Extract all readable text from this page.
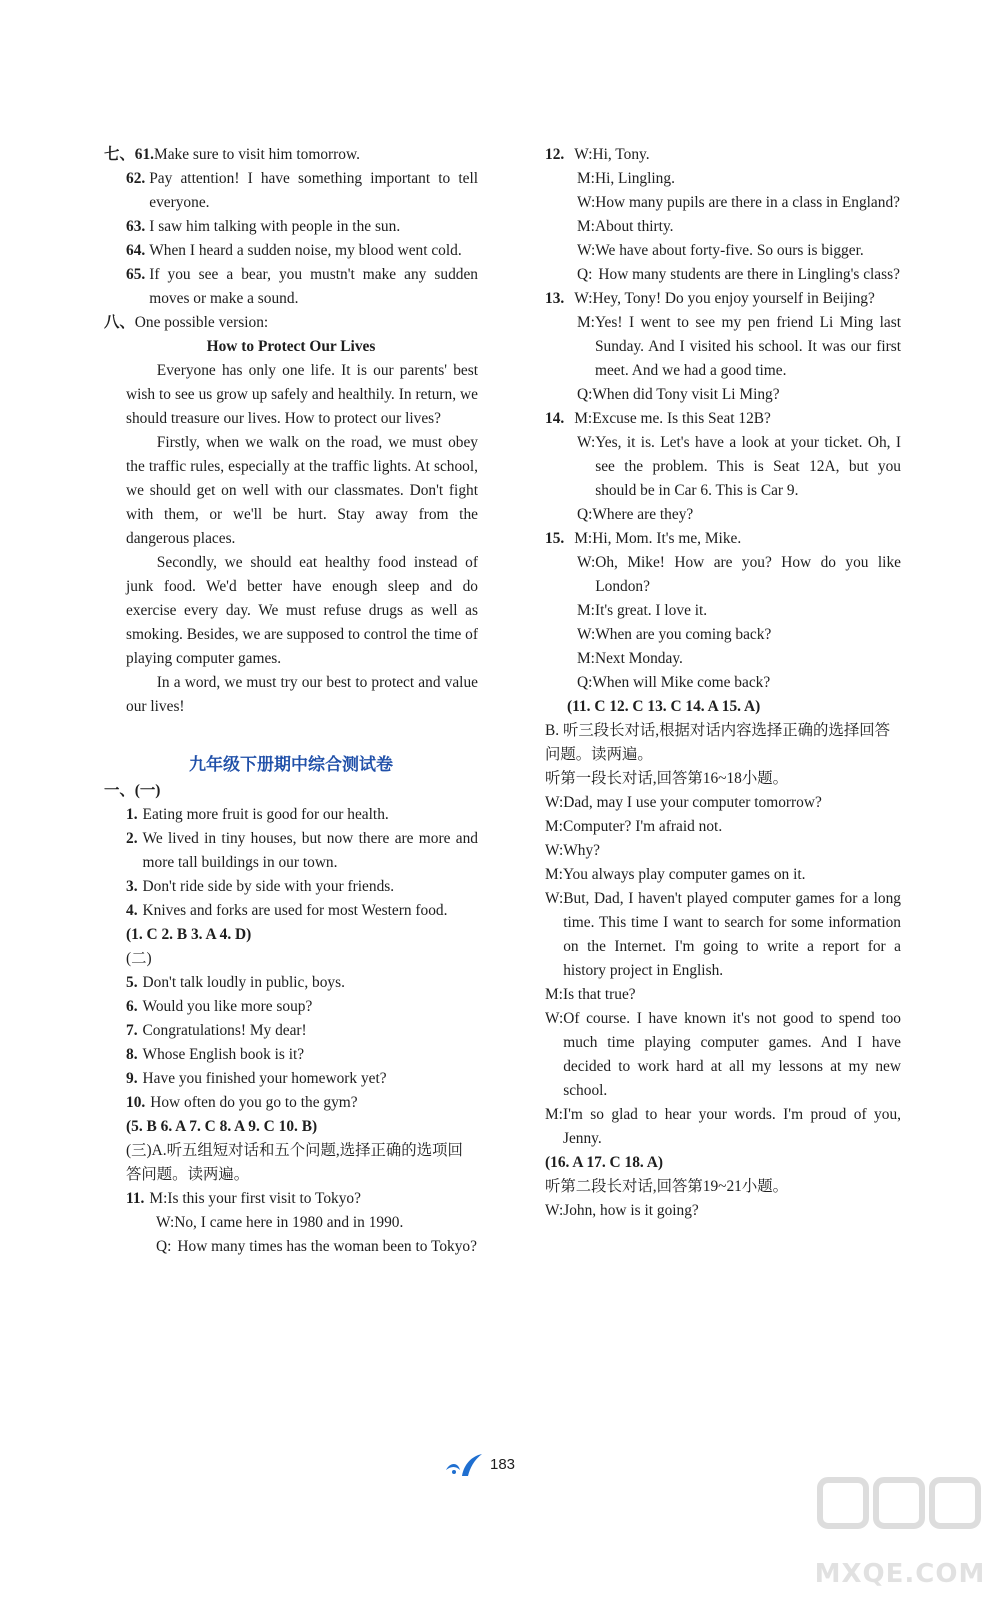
七、61. Make sure to visit him tomorrow.
62. Pay attention! I have something important to tell everyone.
63. I saw him talking with people in the sun.
64. When I heard a sudden noise, my blood went cold.
65. If you see a bear, you mustn't make any sudden moves or make a sound.
八、 One possible version:
How to Protect Our Lives
Everyone has only one life. It is our parents' best wish to see us grow up safely and healthily. In return, we should treasure our lives. How to protect our lives?
Firstly, when we walk on the road, we must obey the traffic rules, especially at the traffic lights. At school, we should get on well with our classmates. Don't fight with them, or we'll be hurt. Stay away from the dangerous places.
Secondly, we should eat healthy food instead of junk food. We'd better have enough sleep and do exercise every day. We must refuse drugs as well as smoking. Besides, we are supposed to control the time of playing computer games.
In a word, we must try our best to protect and value our lives!
九年级下册期中综合测试卷
一、(一)
1. Eating more fruit is good for our health.
2. We lived in tiny houses, but now there are more and more tall buildings in our town.
3. Don't ride side by side with your friends.
4. Knives and forks are used for most Western food.
(1. C 2. B 3. A 4. D)
(二)
5. Don't talk loudly in public, boys.
6. Would you like more soup?
7. Congratulations! My dear!
8. Whose English book is it?
9. Have you finished your homework yet?
10. How often do you go to the gym?
(5. B 6. A 7. C 8. A 9. C 10. B)
(三)A.听五组短对话和五个问题,选择正确的选项回答问题。读两遍。
11. M: Is this your first visit to Tokyo?
W: No, I came here in 1980 and in 1990.
Q: How many times has the woman been to Tokyo?
12. W: Hi, Tony.
M: Hi, Lingling.
W: How many pupils are there in a class in England?
M: About thirty.
W: We have about forty-five. So ours is bigger.
Q: How many students are there in Lingling's class?
13. W: Hey, Tony! Do you enjoy yourself in Beijing?
M: Yes! I went to see my pen friend Li Ming last Sunday. And I visited his school. It was our first meet. And we had a good time.
Q: When did Tony visit Li Ming?
14. M: Excuse me. Is this Seat 12B?
W: Yes, it is. Let's have a look at your ticket. Oh, I see the problem. This is Seat 12A, but you should be in Car 6. This is Car 9.
Q: Where are they?
15. M: Hi, Mom. It's me, Mike.
W: Oh, Mike! How are you? How do you like London?
M: It's great. I love it.
W: When are you coming back?
M: Next Monday.
Q: When will Mike come back?
(11. C 12. C 13. C 14. A 15. A)
B. 听三段长对话,根据对话内容选择正确的选择回答问题。读两遍。
听第一段长对话,回答第16~18小题。
W: Dad, may I use your computer tomorrow?
M: Computer? I'm afraid not.
W: Why?
M: You always play computer games on it.
W: But, Dad, I haven't played computer games for a long time. This time I want to search for some information on the Internet. I'm going to write a report for a history project in English.
M: Is that true?
W: Of course. I have known it's not good to spend too much time playing computer games. And I have decided to work hard at all my lessons at my new school.
M: I'm so glad to hear your words. I'm proud of you, Jenny.
(16. A 17. C 18. A)
听第二段长对话,回答第19~21小题。
W: John, how is it going?
183
MXQE.COM
